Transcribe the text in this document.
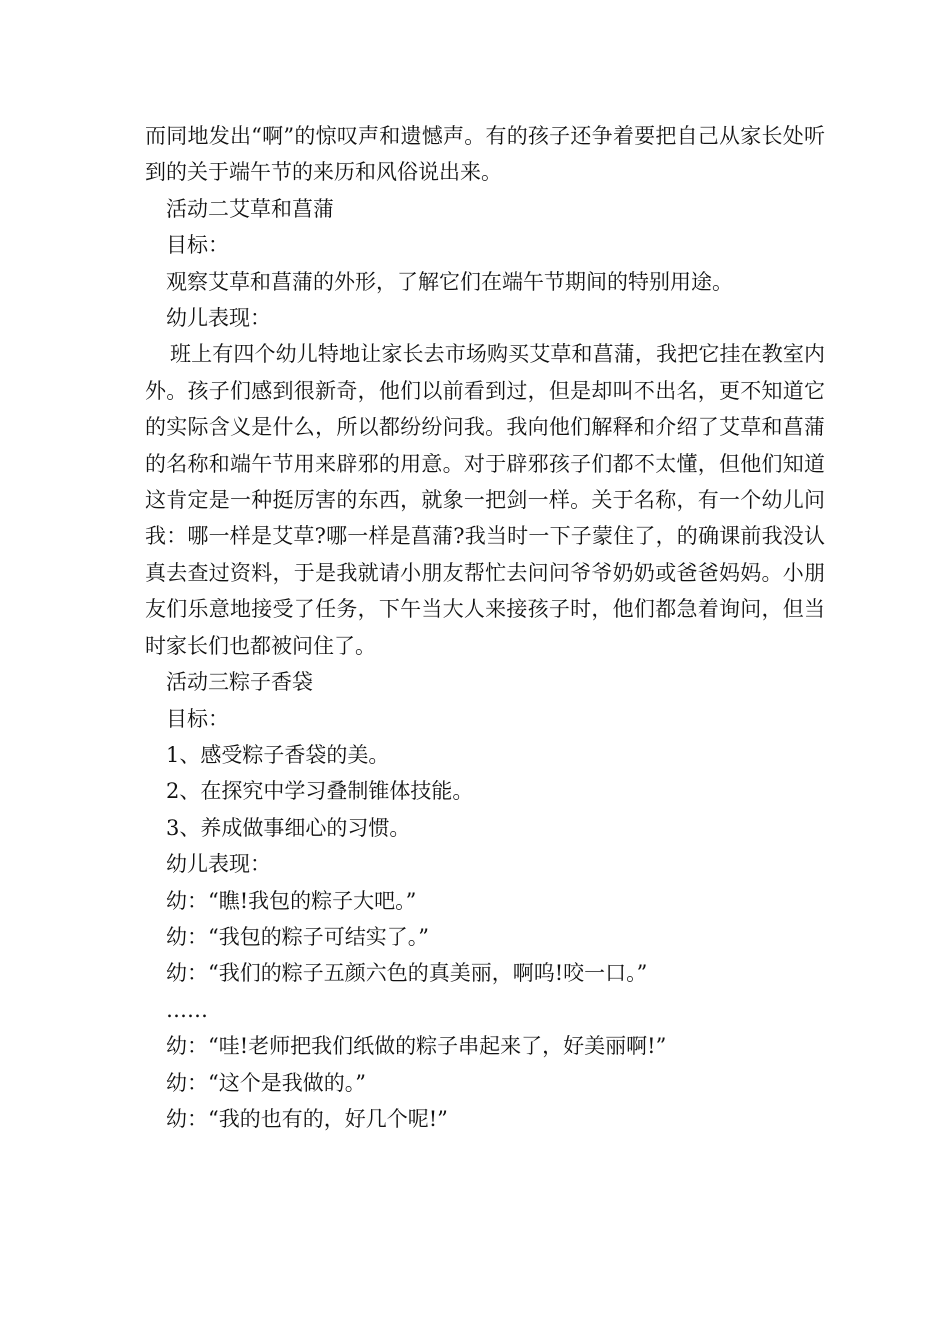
而同地发出“啊”的惊叹声和遗憾声。有的孩子还争着要把自己从家长处听到的关于端午节的来历和风俗说出来。

活动二艾草和菖蒲

目标：

观察艾草和菖蒲的外形，了解它们在端午节期间的特别用途。

幼儿表现：

班上有四个幼儿特地让家长去市场购买艾草和菖蒲，我把它挂在教室内外。孩子们感到很新奇，他们以前看到过，但是却叫不出名，更不知道它的实际含义是什么，所以都纷纷问我。我向他们解释和介绍了艾草和菖蒲的名称和端午节用来辟邪的用意。对于辟邪孩子们都不太懂，但他们知道这肯定是一种挺厉害的东西，就象一把剑一样。关于名称，有一个幼儿问我：哪一样是艾草?哪一样是菖蒲?我当时一下子蒙住了，的确课前我没认真去查过资料，于是我就请小朋友帮忙去问问爷爷奶奶或爸爸妈妈。小朋友们乐意地接受了任务，下午当大人来接孩子时，他们都急着询问，但当时家长们也都被问住了。

活动三粽子香袋

目标：

1、感受粽子香袋的美。

2、在探究中学习叠制锥体技能。

3、养成做事细心的习惯。

幼儿表现：

幼：“瞧!我包的粽子大吧。”

幼：“我包的粽子可结实了。”

幼：“我们的粽子五颜六色的真美丽，啊呜!咬一口。”

……

幼：“哇!老师把我们纸做的粽子串起来了，好美丽啊!”

幼：“这个是我做的。”

幼：“我的也有的，好几个呢!”
